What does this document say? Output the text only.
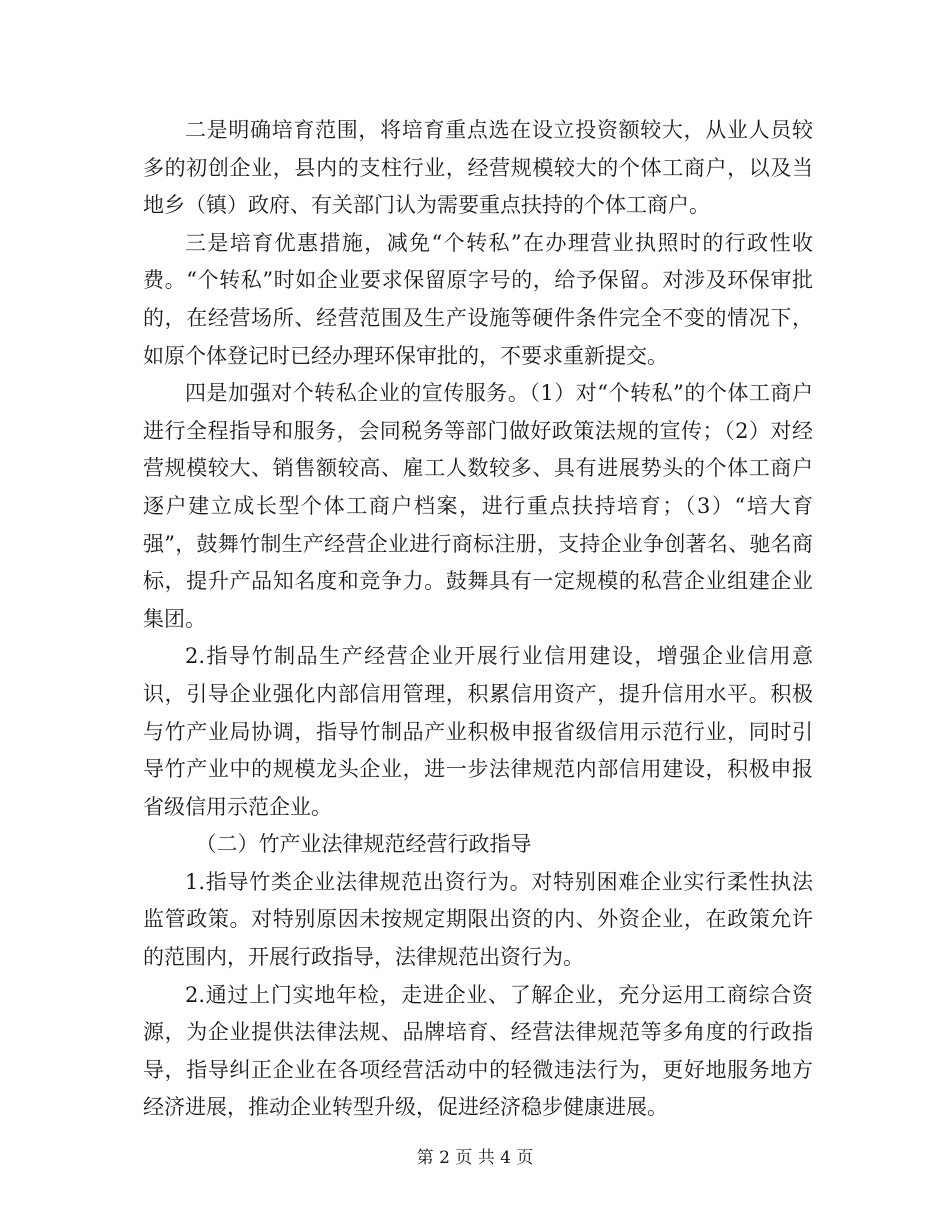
二是明确培育范围，将培育重点选在设立投资额较大，从业人员较多的初创企业，县内的支柱行业，经营规模较大的个体工商户，以及当地乡（镇）政府、有关部门认为需要重点扶持的个体工商户。

三是培育优惠措施，减免“个转私”在办理营业执照时的行政性收费。“个转私”时如企业要求保留原字号的，给予保留。对涉及环保审批的，在经营场所、经营范围及生产设施等硬件条件完全不变的情况下，如原个体登记时已经办理环保审批的，不要求重新提交。

四是加强对个转私企业的宣传服务。（1）对“个转私”的个体工商户进行全程指导和服务，会同税务等部门做好政策法规的宣传；（2）对经营规模较大、销售额较高、雇工人数较多、具有进展势头的个体工商户逐户建立成长型个体工商户档案，进行重点扶持培育；（3）“培大育强”，鼓舞竹制生产经营企业进行商标注册，支持企业争创著名、驰名商标，提升产品知名度和竞争力。鼓舞具有一定规模的私营企业组建企业集团。

2.指导竹制品生产经营企业开展行业信用建设，增强企业信用意识，引导企业强化内部信用管理，积累信用资产，提升信用水平。积极与竹产业局协调，指导竹制品产业积极申报省级信用示范行业，同时引导竹产业中的规模龙头企业，进一步法律规范内部信用建设，积极申报省级信用示范企业。

（二）竹产业法律规范经营行政指导

1.指导竹类企业法律规范出资行为。对特别困难企业实行柔性执法监管政策。对特别原因未按规定期限出资的内、外资企业，在政策允许的范围内，开展行政指导，法律规范出资行为。

2.通过上门实地年检，走进企业、了解企业，充分运用工商综合资源，为企业提供法律法规、品牌培育、经营法律规范等多角度的行政指导，指导纠正企业在各项经营活动中的轻微违法行为，更好地服务地方经济进展，推动企业转型升级，促进经济稳步健康进展。

第 2 页 共 4 页
